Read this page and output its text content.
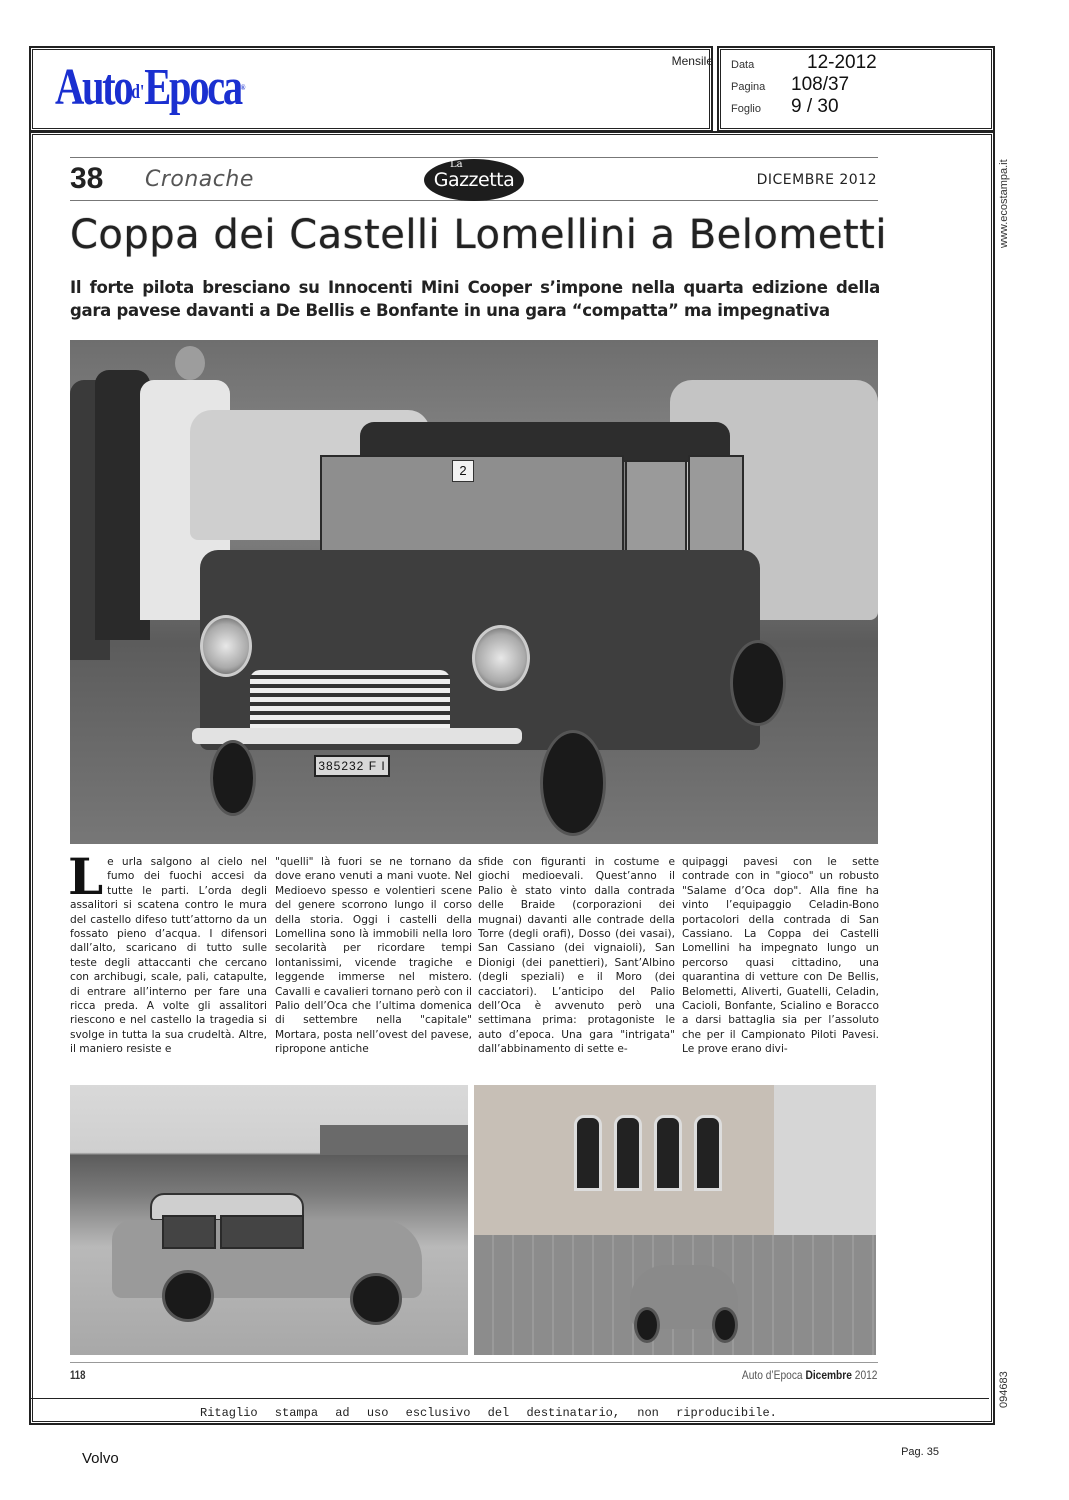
Auto$^{d'}$Epoca®
Mensile Data	12-2012
Pagina 108/37
Foglio 9 / 30
www.ecostampa.it
094683
38 Cronache
La
Gazzetta	DICEMBRE 2012
Coppa dei Castelli Lomellini a Belometti
Il forte pilota bresciano su Innocenti Mini Cooper s’impone nella quarta edizione della gara pavese davanti a De Bellis e Bonfante in una gara “compatta” ma impegnativa
2
385232 F I
Le urla salgono al cielo nel fumo dei fuochi accesi da tutte le parti. L’orda degli assalitori si scatena contro le mura del castello difeso tutt’attorno da un fossato pieno d’acqua. I difensori dall’alto, scaricano di tutto sulle teste degli attaccanti che cercano con archibugi, scale, pali, catapulte, di entrare all’interno per fare una ricca preda. A volte gli assalitori riescono e nel castello la tragedia si svolge in tutta la sua crudeltà. Altre, il maniero resiste e
"quelli" là fuori se ne tornano da dove erano venuti a mani vuote. Nel Medioevo spesso e volentieri scene del genere scorrono lungo il corso della storia. Oggi i castelli della Lomellina sono là immobili nella loro secolarità per ricordare tempi lontanissimi, vicende tragiche e leggende immerse nel mistero. Cavalli e cavalieri tornano però con il Palio dell’Oca che l’ultima domenica di settembre nella "capitale" Mortara, posta nell’ovest del pavese, ripropone antiche
sfide con figuranti in costume e giochi medioevali. Quest’anno il Palio è stato vinto dalla contrada delle Braide (corporazioni dei mugnai) davanti alle contrade della Torre (degli orafi), Dosso (dei vasai), San Cassiano (dei vignaioli), San Dionigi (dei panettieri), Sant’Albino (degli speziali) e il Moro (dei cacciatori). L’anticipo del Palio dell’Oca è avvenuto però una settimana prima: protagoniste le auto d’epoca. Una gara "intrigata" dall’abbinamento di sette e-
quipaggi pavesi con le sette contrade con in "gioco" un robusto "Salame d’Oca dop". Alla fine ha vinto l’equipaggio Celadin-Bono portacolori della contrada di San Cassiano. La Coppa dei Castelli Lomellini ha impegnato lungo un percorso quasi cittadino, una quarantina di vetture con De Bellis, Belometti, Aliverti, Guatelli, Celadin, Cacioli, Bonfante, Scialino e Boracco a darsi battaglia sia per l’assoluto che per il Campionato Piloti Pavesi. Le prove erano divi-
118	Auto d’Epoca Dicembre 2012
Ritaglio stampa ad uso esclusivo del destinatario, non riproducibile.
Volvo	Pag. 35
